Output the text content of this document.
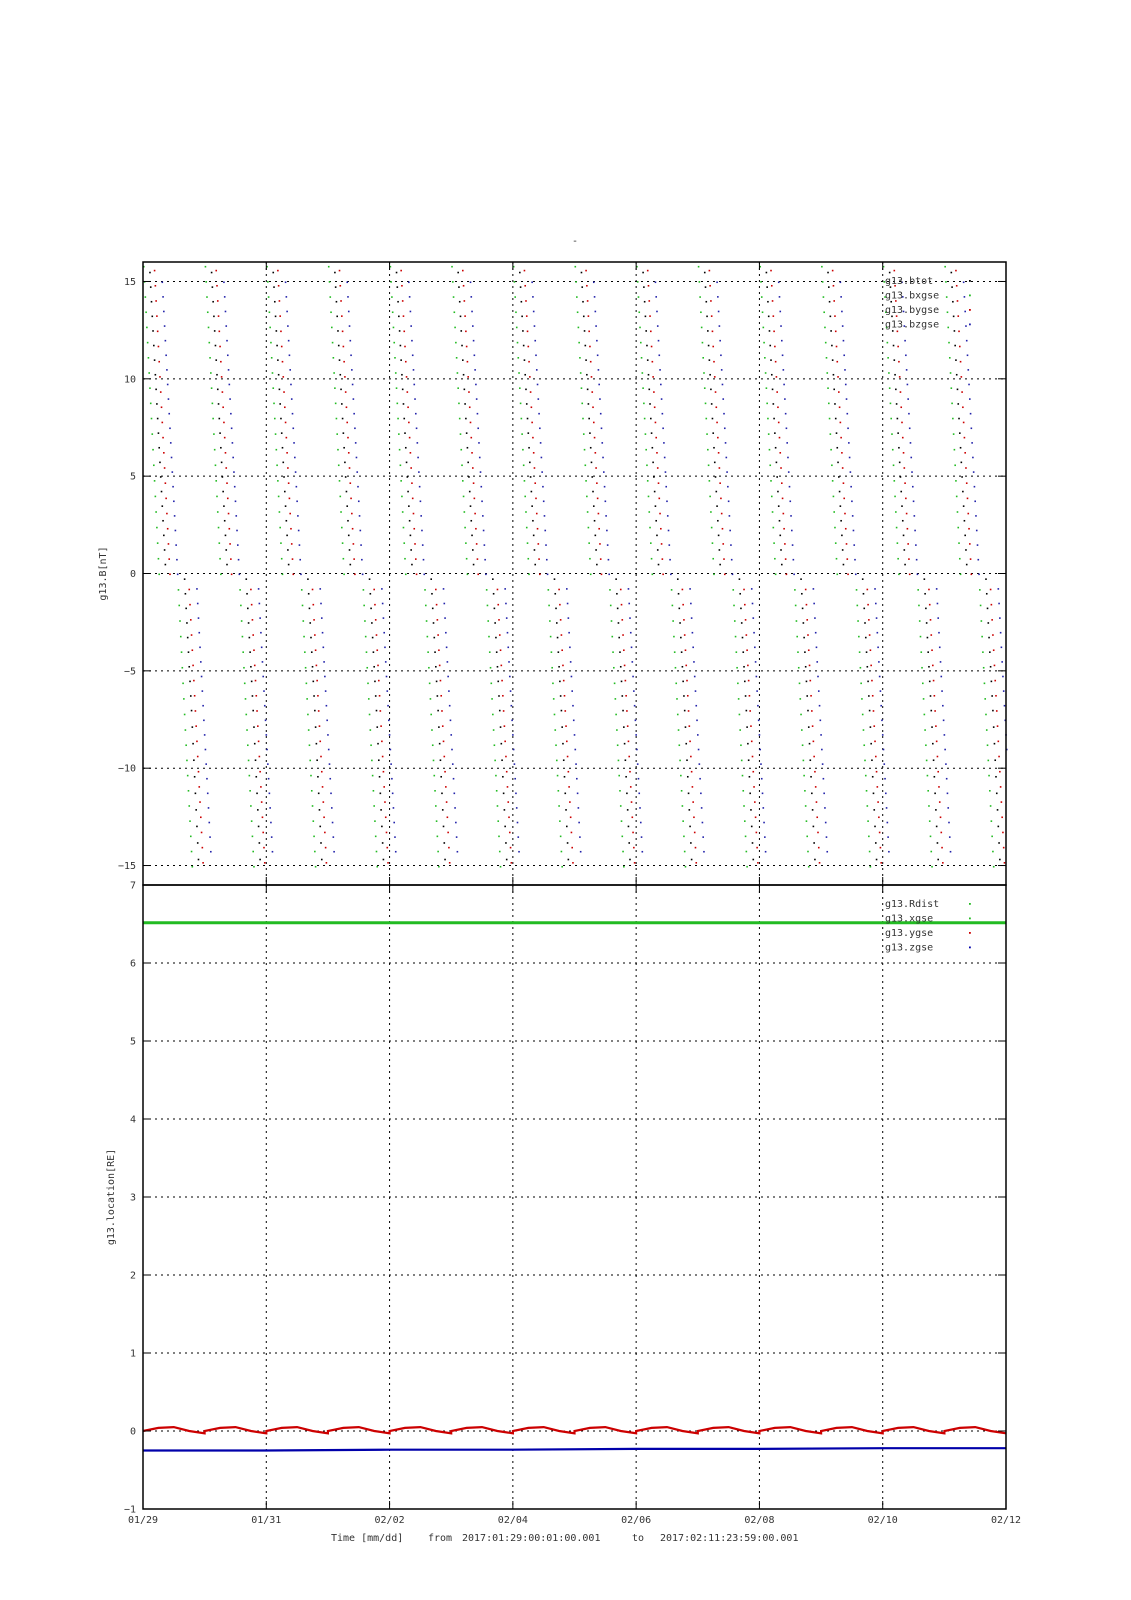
-
−15
−10
−5
0
5
10
15
g13.B[nT]
g13.btot
g13.bxgse
g13.bygse
g13.bzgse
−1
0
1
2
3
4
5
6
7
01/29	01/31	02/02	02/04	02/06	02/08	02/10	02/12
g13.location[RE]
g13.Rdist
g13.xgse
g13.ygse
g13.zgse
Time [mm/dd] from 2017:01:29:00:01:00.001	to 2017:02:11:23:59:00.001
